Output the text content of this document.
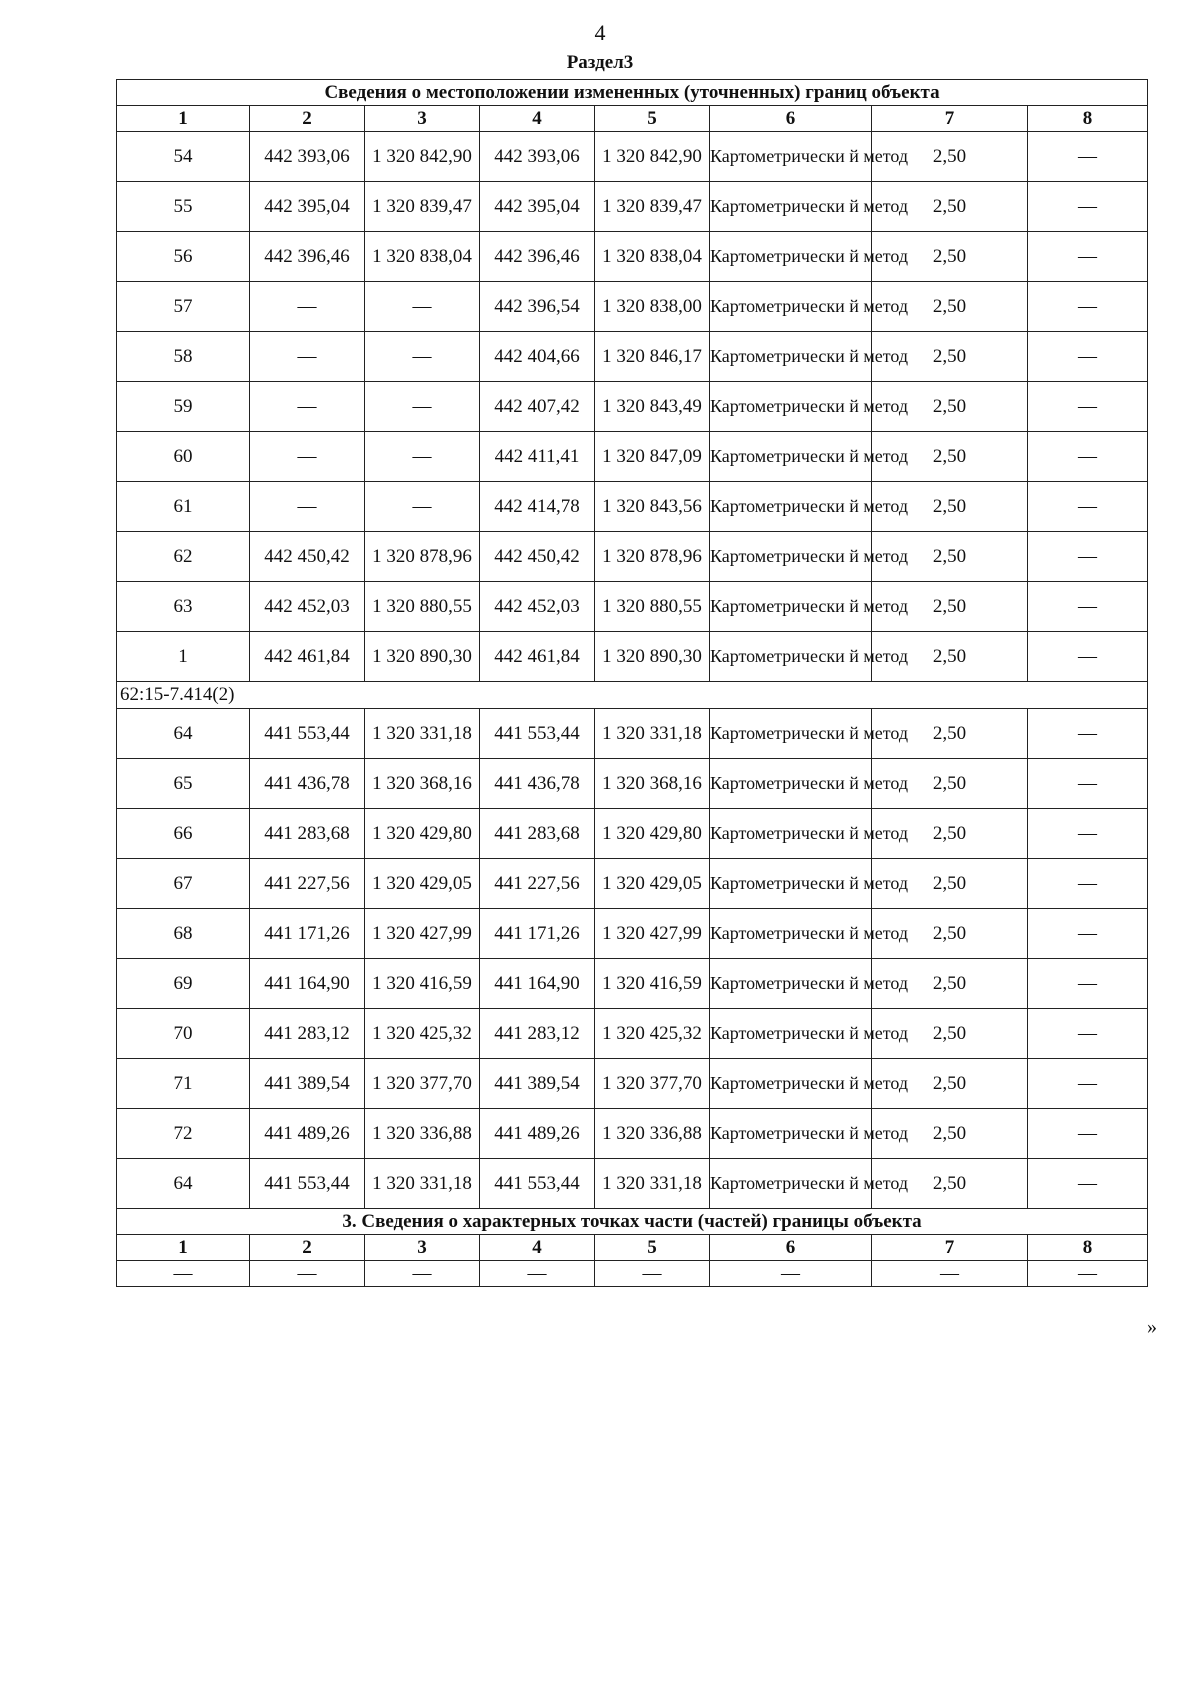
4
Раздел3
Сведения о местоположении измененных (уточненных) границ объекта							
1	2	3	4	5	6	7	8
54	442 393,06	1 320 842,90	442 393,06	1 320 842,90	Картометрически й метод	2,50	—
55	442 395,04	1 320 839,47	442 395,04	1 320 839,47	Картометрически й метод	2,50	—
56	442 396,46	1 320 838,04	442 396,46	1 320 838,04	Картометрически й метод	2,50	—
57	—	—	442 396,54	1 320 838,00	Картометрически й метод	2,50	—
58	—	—	442 404,66	1 320 846,17	Картометрически й метод	2,50	—
59	—	—	442 407,42	1 320 843,49	Картометрически й метод	2,50	—
60	—	—	442 411,41	1 320 847,09	Картометрически й метод	2,50	—
61	—	—	442 414,78	1 320 843,56	Картометрически й метод	2,50	—
62	442 450,42	1 320 878,96	442 450,42	1 320 878,96	Картометрически й метод	2,50	—
63	442 452,03	1 320 880,55	442 452,03	1 320 880,55	Картометрически й метод	2,50	—
1	442 461,84	1 320 890,30	442 461,84	1 320 890,30	Картометрически й метод	2,50	—
62:15-7.414(2)							
64	441 553,44	1 320 331,18	441 553,44	1 320 331,18	Картометрически й метод	2,50	—
65	441 436,78	1 320 368,16	441 436,78	1 320 368,16	Картометрически й метод	2,50	—
66	441 283,68	1 320 429,80	441 283,68	1 320 429,80	Картометрически й метод	2,50	—
67	441 227,56	1 320 429,05	441 227,56	1 320 429,05	Картометрически й метод	2,50	—
68	441 171,26	1 320 427,99	441 171,26	1 320 427,99	Картометрически й метод	2,50	—
69	441 164,90	1 320 416,59	441 164,90	1 320 416,59	Картометрически й метод	2,50	—
70	441 283,12	1 320 425,32	441 283,12	1 320 425,32	Картометрически й метод	2,50	—
71	441 389,54	1 320 377,70	441 389,54	1 320 377,70	Картометрически й метод	2,50	—
72	441 489,26	1 320 336,88	441 489,26	1 320 336,88	Картометрически й метод	2,50	—
64	441 553,44	1 320 331,18	441 553,44	1 320 331,18	Картометрически й метод	2,50	—
3. Сведения о характерных точках части (частей) границы объекта							
1	2	3	4	5	6	7	8
—	—	—	—	—	—	—	—
»
